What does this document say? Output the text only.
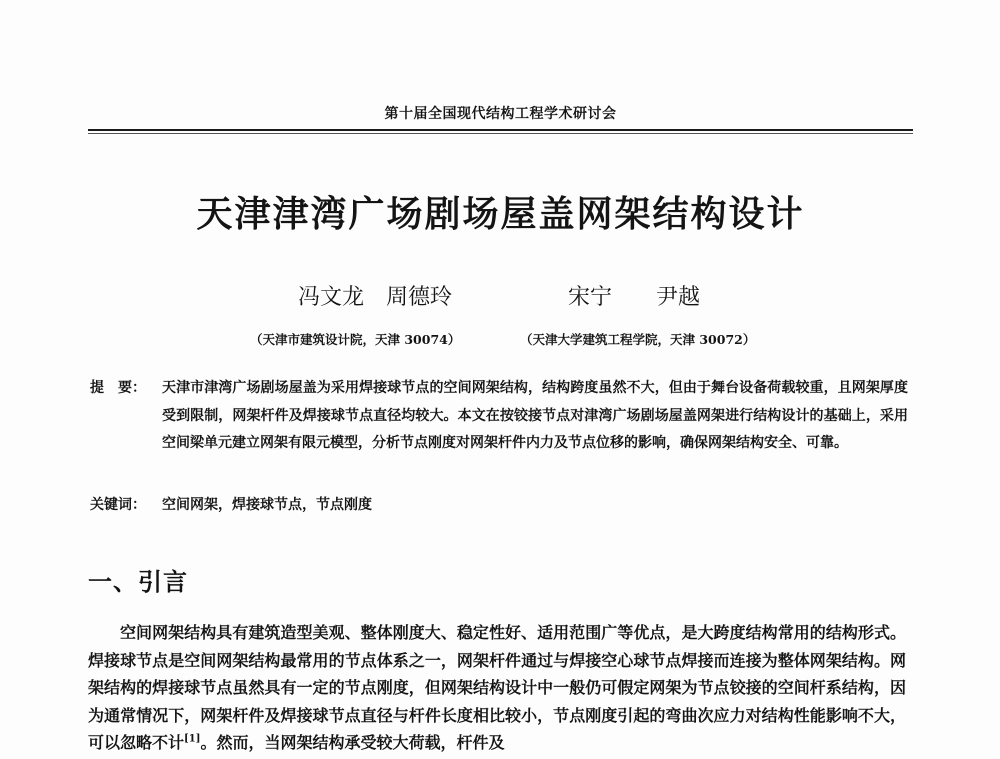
第十届全国现代结构工程学术研讨会
天津津湾广场剧场屋盖网架结构设计
冯文龙　周德玲	宋宁　　尹越
（天津市建筑设计院，天津 30074）	（天津大学建筑工程学院，天津 30072）
提　要：	天津市津湾广场剧场屋盖为采用焊接球节点的空间网架结构，结构跨度虽然不大，但由于舞台设备荷载较重，且网架厚度受到限制，网架杆件及焊接球节点直径均较大。本文在按铰接节点对津湾广场剧场屋盖网架进行结构设计的基础上，采用空间梁单元建立网架有限元模型，分析节点刚度对网架杆件内力及节点位移的影响，确保网架结构安全、可靠。
关键词： 空间网架，焊接球节点，节点刚度
一、引言
空间网架结构具有建筑造型美观、整体刚度大、稳定性好、适用范围广等优点，是大跨度结构常用的结构形式。焊接球节点是空间网架结构最常用的节点体系之一，网架杆件通过与焊接空心球节点焊接而连接为整体网架结构。网架结构的焊接球节点虽然具有一定的节点刚度，但网架结构设计中一般仍可假定网架为节点铰接的空间杆系结构，因为通常情况下，网架杆件及焊接球节点直径与杆件长度相比较小，节点刚度引起的弯曲次应力对结构性能影响不大，可以忽略不计[1]。然而，当网架结构承受较大荷载，杆件及
